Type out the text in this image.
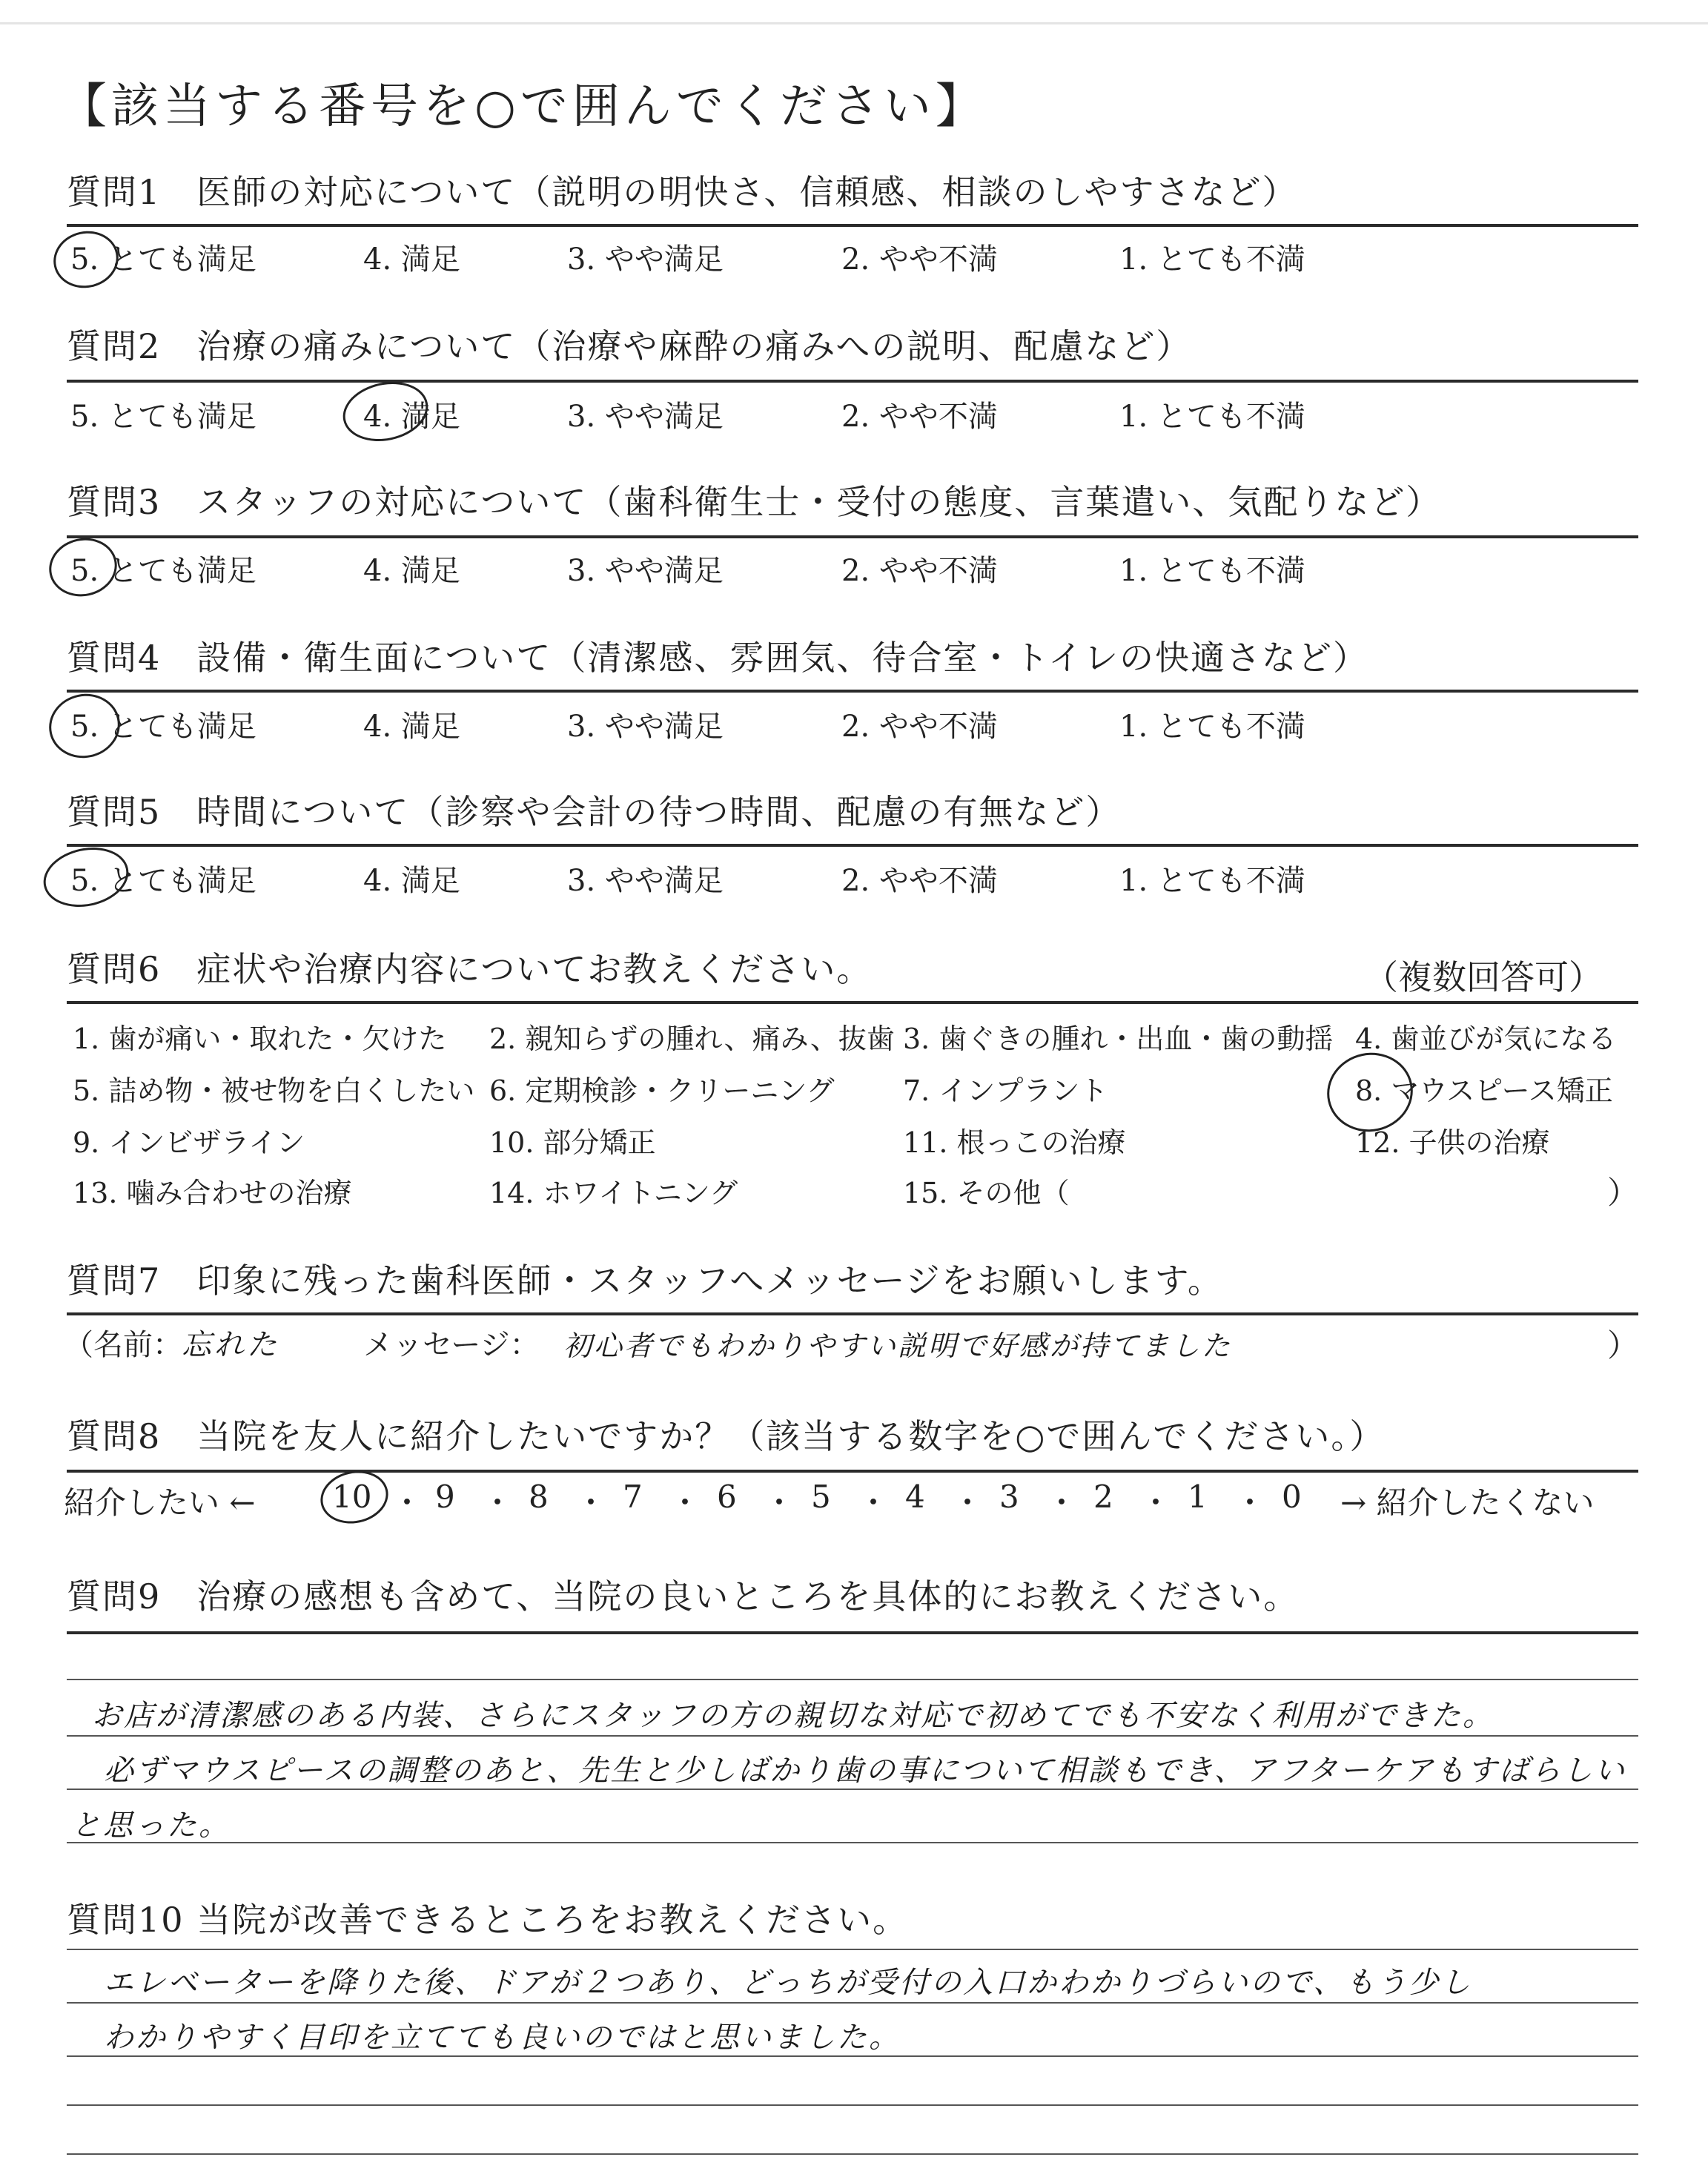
【該当する番号を○で囲んでください】
質問1　医師の対応について（説明の明快さ、信頼感、相談のしやすさなど）
5. とても満足	4. 満足	3. やや満足	2. やや不満	1. とても不満
質問2　治療の痛みについて（治療や麻酔の痛みへの説明、配慮など）
5. とても満足	4. 満足	3. やや満足	2. やや不満	1. とても不満
質問3　スタッフの対応について（歯科衛生士・受付の態度、言葉遣い、気配りなど）
5. とても満足	4. 満足	3. やや満足	2. やや不満	1. とても不満
質問4　設備・衛生面について（清潔感、雰囲気、待合室・トイレの快適さなど）
5. とても満足	4. 満足	3. やや満足	2. やや不満	1. とても不満
質問5　時間について（診察や会計の待つ時間、配慮の有無など）
5. とても満足	4. 満足	3. やや満足	2. やや不満	1. とても不満
質問6　症状や治療内容についてお教えください。	（複数回答可）
1. 歯が痛い・取れた・欠けた 2. 親知らずの腫れ、痛み、抜歯 3. 歯ぐきの腫れ・出血・歯の動揺 4. 歯並びが気になる
5. 詰め物・被せ物を白くしたい 6. 定期検診・クリーニング 7. インプラント	8. マウスピース矯正
9. インビザライン	10. 部分矯正	11. 根っこの治療	12. 子供の治療
13. 噛み合わせの治療	14. ホワイトニング	15. その他（	）
質問7　印象に残った歯科医師・スタッフへメッセージをお願いします。
（名前： 忘れた	メッセージ： 初心者でもわかりやすい説明で好感が持てました	）
質問8　当院を友人に紹介したいですか？（該当する数字を○で囲んでください。）
紹介したい ← 10 ・ 9 ・ 8 ・ 7 ・ 6 ・ 5 ・ 4 ・ 3 ・ 2 ・ 1 ・ 0 → 紹介したくない
質問9　治療の感想も含めて、当院の良いところを具体的にお教えください。
お店が清潔感のある内装、さらにスタッフの方の親切な対応で初めてでも不安なく利用ができた。
必ずマウスピースの調整のあと、先生と少しばかり歯の事について相談もでき、アフターケアもすばらしい
と思った。
質問10 当院が改善できるところをお教えください。
エレベーターを降りた後、ドアが２つあり、どっちが受付の入口かわかりづらいので、もう少し
わかりやすく目印を立てても良いのではと思いました。
